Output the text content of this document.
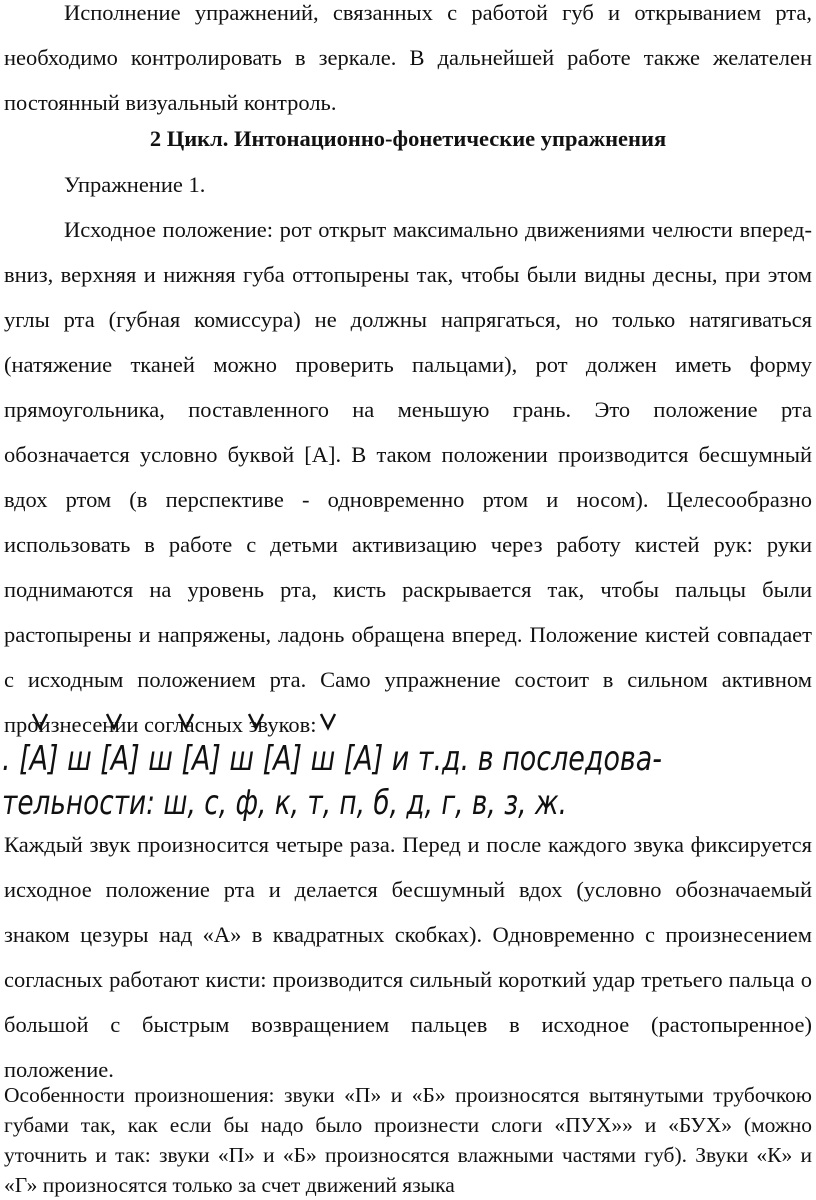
Исполнение упражнений, связанных с работой губ и открыванием рта, необходимо контролировать в зеркале. В дальнейшей работе также желателен постоянный визуальный контроль.

2 Цикл. Интонационно-фонетические упражнения

Упражнение 1.

Исходное положение: рот открыт максимально движениями челюсти вперед-вниз, верхняя и нижняя губа оттопырены так, чтобы были видны десны, при этом углы рта (губная комиссура) не должны напрягаться, но только натягиваться (натяжение тканей можно проверить пальцами), рот должен иметь форму прямоугольника, поставленного на меньшую грань. Это положение рта обозначается условно буквой [А]. В таком положении производится бесшумный вдох ртом (в перспективе - одновременно ртом и носом). Целесообразно использовать в работе с детьми активизацию через работу кистей рук: руки поднимаются на уровень рта, кисть раскрывается так, чтобы пальцы были растопырены и напряжены, ладонь обращена вперед. Положение кистей совпадает с исходным положением рта. Само упражнение состоит в сильном активном произнесении согласных звуков:

. [А] ш [А] ш [А] ш [А] ш [А] и т.д. в последова-
тельности: ш, с, ф, к, т, п, б, д, г, в, з, ж.

Каждый звук произносится четыре раза. Перед и после каждого звука фиксируется исходное положение рта и делается бесшумный вдох (условно обозначаемый знаком цезуры над «А» в квадратных скобках). Одновременно с произнесением согласных работают кисти: производится сильный короткий удар третьего пальца о большой с быстрым возвращением пальцев в исходное (растопыренное) положение.

Особенности произношения: звуки «П» и «Б» произносятся вытянутыми трубочкою губами так, как если бы надо было произнести слоги «ПУХ»» и «БУХ» (можно уточнить и так: звуки «П» и «Б» произносятся влажными частями губ). Звуки «К» и «Г» произносятся только за счет движений языка
